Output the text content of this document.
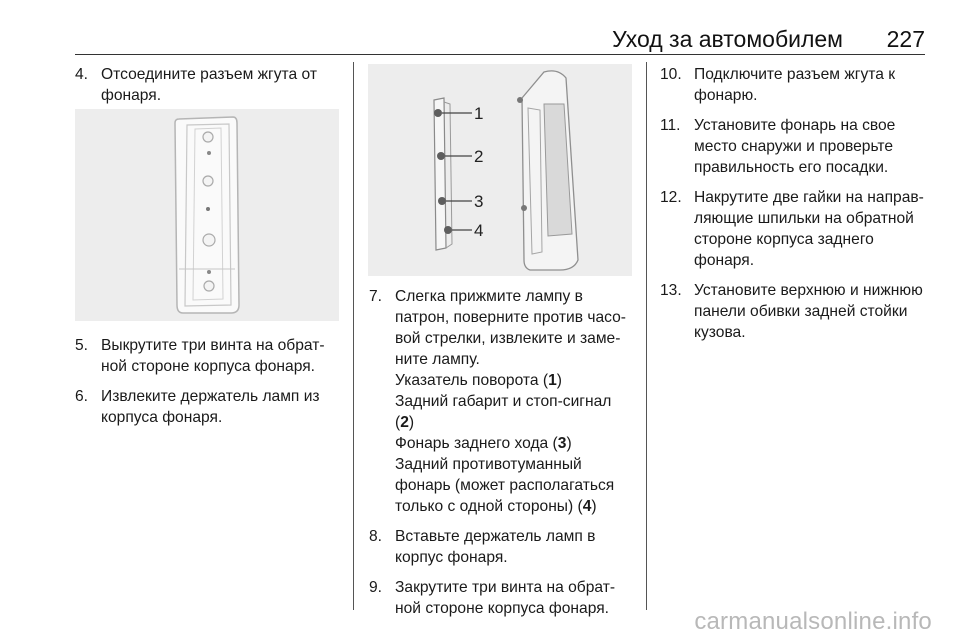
Уход за автомобилем 227
4. Отсоедините разъем жгута от фонаря.

5. Выкрутите три винта на обрат-ной стороне корпуса фонаря.

6. Извлеките держатель ламп из корпуса фонаря.

1
2
3
4
7. Слегка прижмите лампу в патрон, поверните против часо-вой стрелки, извлеките и заме-ните лампу.

Указатель поворота (1)

Задний габарит и стоп-сигнал (2)

Фонарь заднего хода (3)

Задний противотуманный фонарь (может располагаться только с одной стороны) (4)

8. Вставьте держатель ламп в корпус фонаря.

9. Закрутите три винта на обрат-ной стороне корпуса фонаря.

10. Подключите разъем жгута к фонарю.

11. Установите фонарь на свое место снаружи и проверьте правильность его посадки.

12. Накрутите две гайки на направ-ляющие шпильки на обратной стороне корпуса заднего фонаря.

13. Установите верхнюю и нижнюю панели обивки задней стойки кузова.

carmanualsonline.info
